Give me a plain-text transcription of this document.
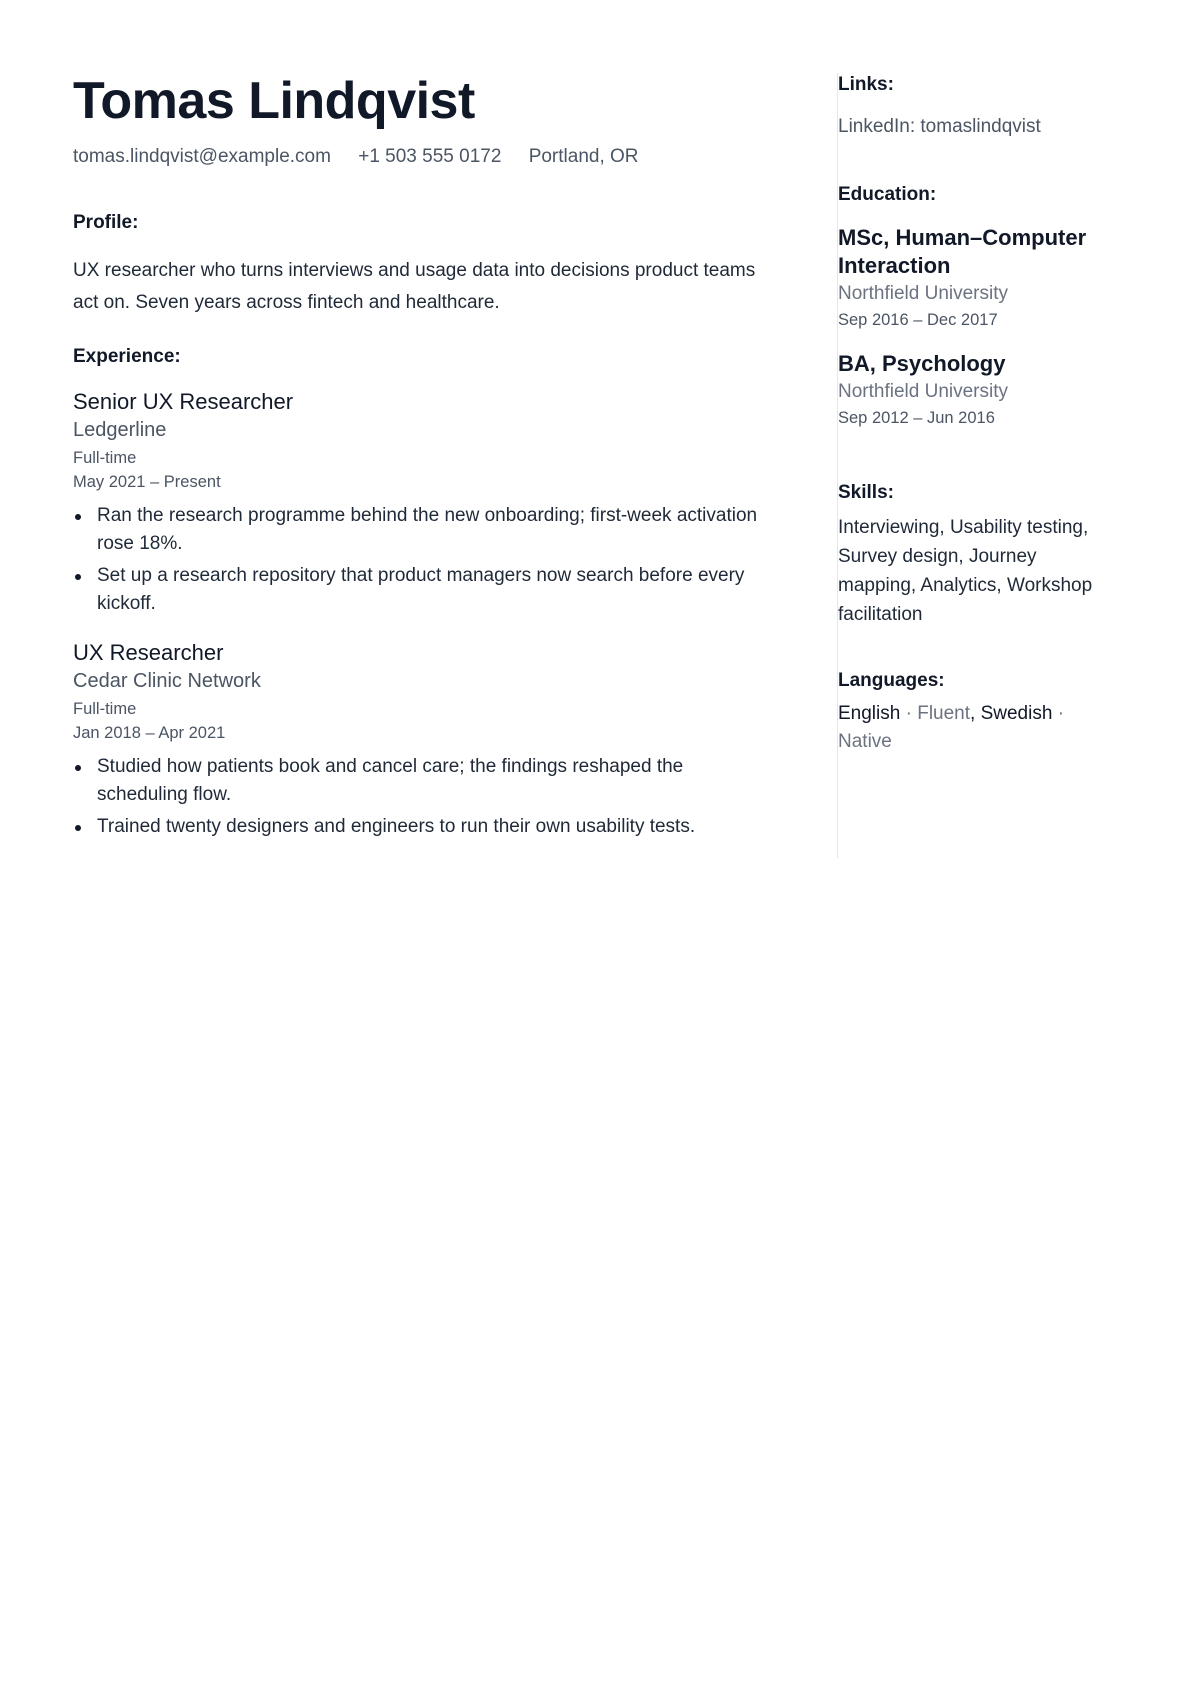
Tomas Lindqvist
tomas.lindqvist@example.com +1 503 555 0172 Portland, OR
Profile:
UX researcher who turns interviews and usage data into decisions product teams act on. Seven years across fintech and healthcare.
Experience:
Senior UX Researcher
Ledgerline
Full-time
May 2021 – Present
Ran the research programme behind the new onboarding; first-week activation rose 18%.
Set up a research repository that product managers now search before every kickoff.
UX Researcher
Cedar Clinic Network
Full-time
Jan 2018 – Apr 2021
Studied how patients book and cancel care; the findings reshaped the scheduling flow.
Trained twenty designers and engineers to run their own usability tests.
Links:
LinkedIn: tomaslindqvist
Education:
MSc, Human–Computer Interaction
Northfield University
Sep 2016 – Dec 2017
BA, Psychology
Northfield University
Sep 2012 – Jun 2016
Skills:
Interviewing, Usability testing, Survey design, Journey mapping, Analytics, Workshop facilitation
Languages:
English · Fluent, Swedish · Native
